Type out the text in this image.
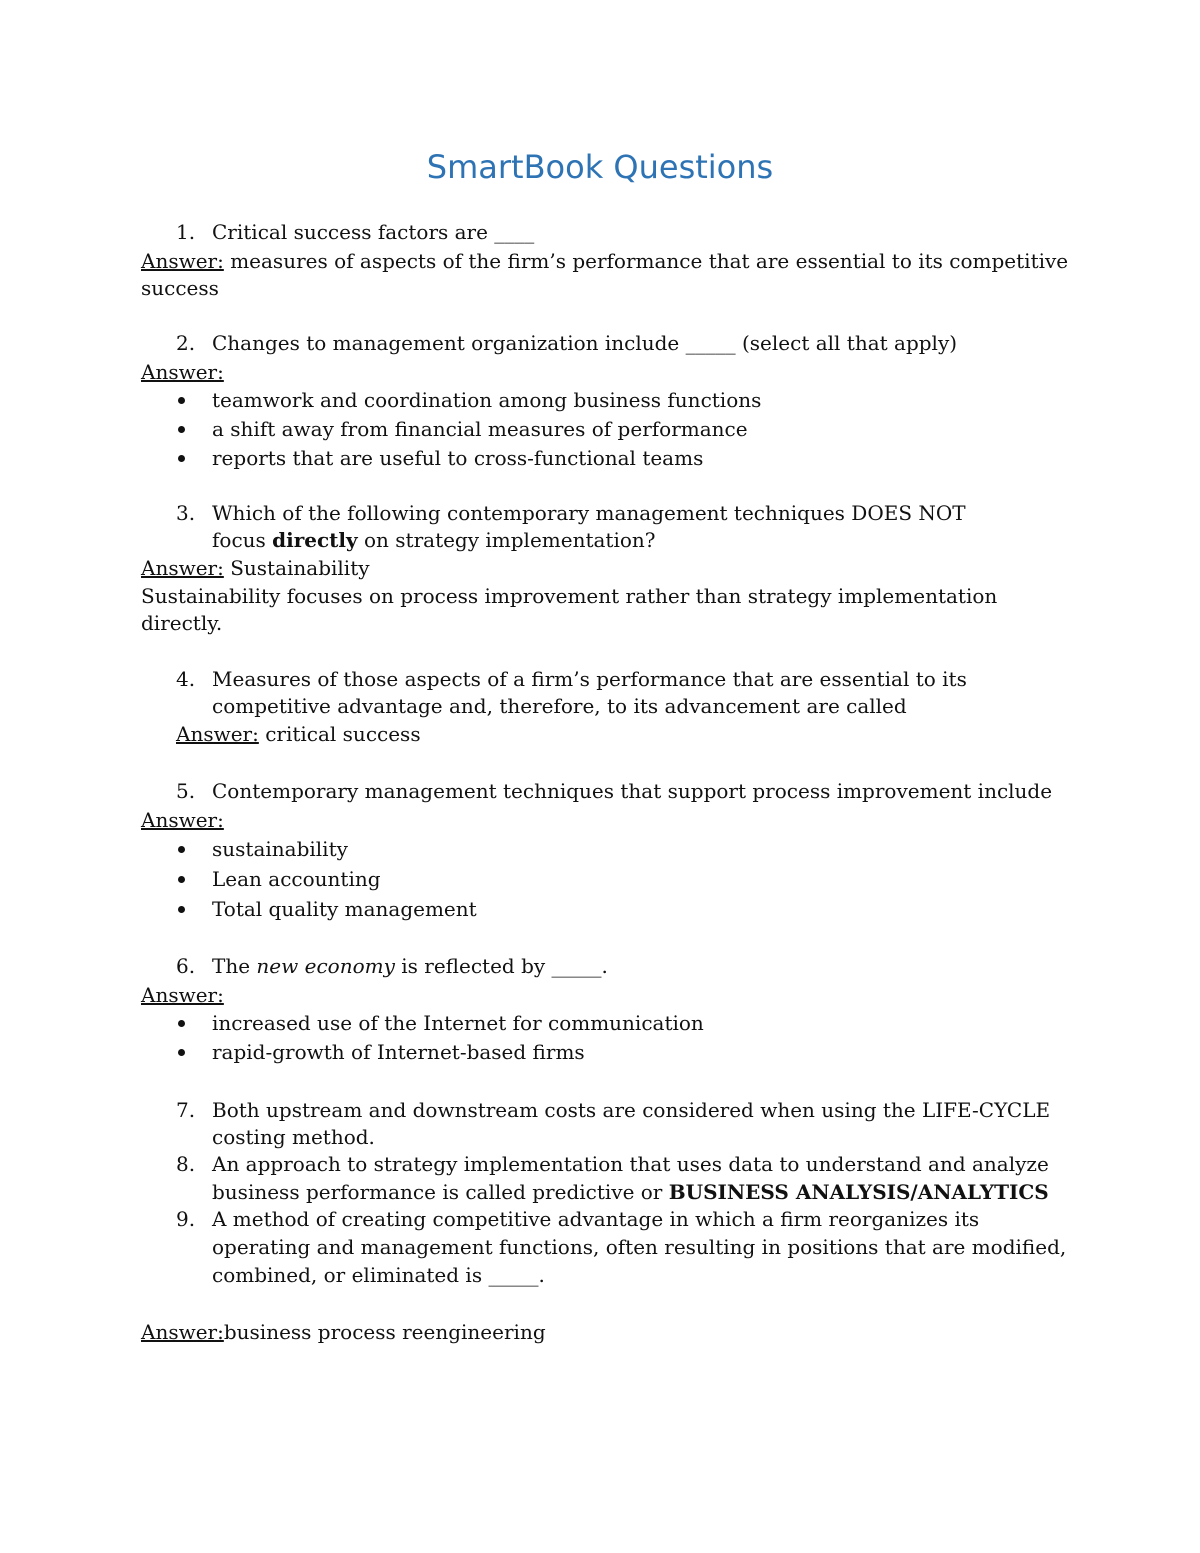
SmartBook Questions
1. Critical success factors are ____
Answer: measures of aspects of the firm’s performance that are essential to its competitive
success
2. Changes to management organization include _____ (select all that apply)
Answer:
teamwork and coordination among business functions
a shift away from financial measures of performance
reports that are useful to cross-functional teams
3. Which of the following contemporary management techniques DOES NOT
focus directly on strategy implementation?
Answer: Sustainability
Sustainability focuses on process improvement rather than strategy implementation
directly.
4. Measures of those aspects of a firm’s performance that are essential to its
competitive advantage and, therefore, to its advancement are called
Answer: critical success
5. Contemporary management techniques that support process improvement include
Answer:
sustainability
Lean accounting
Total quality management
6. The new economy is reflected by _____.
Answer:
increased use of the Internet for communication
rapid-growth of Internet-based firms
7. Both upstream and downstream costs are considered when using the LIFE-CYCLE
costing method.
8. An approach to strategy implementation that uses data to understand and analyze
business performance is called predictive or BUSINESS ANALYSIS/ANALYTICS
9. A method of creating competitive advantage in which a firm reorganizes its
operating and management functions, often resulting in positions that are modified,
combined, or eliminated is _____.
Answer:business process reengineering
